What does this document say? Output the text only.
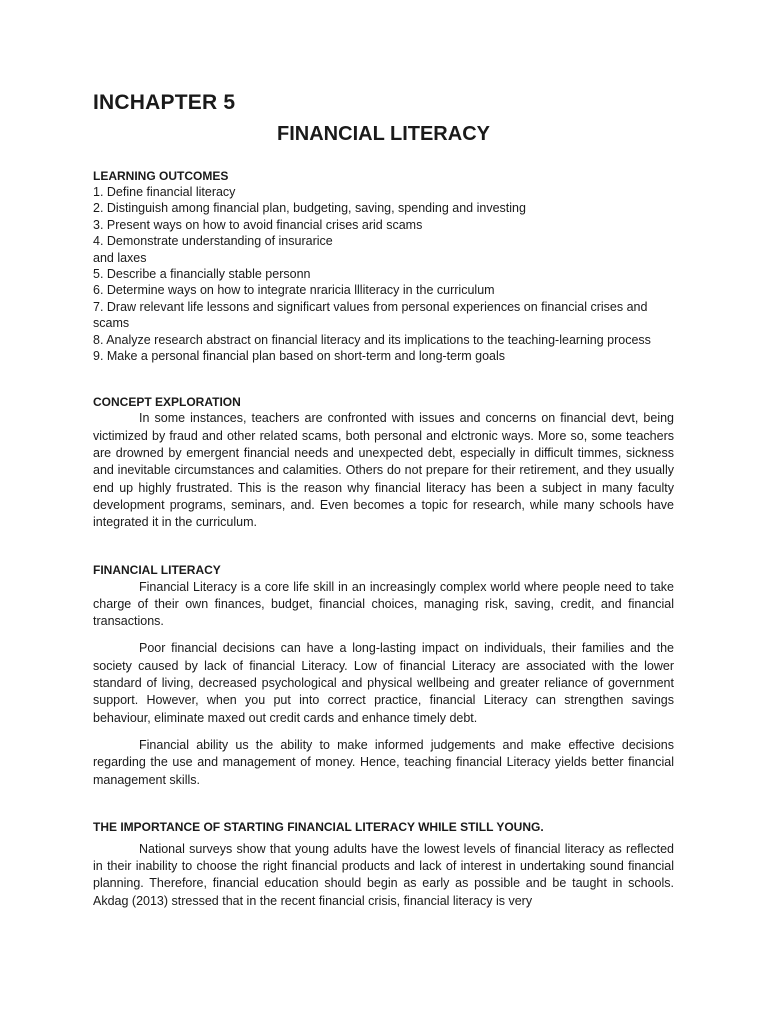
INCHAPTER 5
FINANCIAL LITERACY

LEARNING OUTCOMES

1. Define financial literacy

2. Distinguish among financial plan, budgeting, saving, spending and investing

3. Present ways on how to avoid financial crises arid scams

4. Demonstrate understanding of insurarice

and laxes

5. Describe a financially stable personn

6. Determine ways on how to integrate nraricia llliteracy in the curriculum

7. Draw relevant life lessons and significart values from personal experiences on financial crises and scams

8. Analyze research abstract on financial literacy and its implications to the teaching-learning process

9. Make a personal financial plan based on short-term and long-term goals

CONCEPT EXPLORATION

In some instances, teachers are confronted with issues and concerns on financial devt, being victimized by fraud and other related scams, both personal and elctronic ways. More so, some teachers are drowned by emergent financial needs and unexpected debt, especially in difficult timmes, sickness and inevitable circumstances and calamities. Others do not prepare for their retirement, and they usually end up highly frustrated. This is the reason why financial literacy has been a subject in many faculty development programs, seminars, and. Even becomes a topic for research, while many schools have integrated it in the curriculum.

FINANCIAL LITERACY

Financial Literacy is a core life skill in an increasingly complex world where people need to take charge of their own finances, budget, financial choices, managing risk, saving, credit, and financial transactions.

Poor financial decisions can have a long-lasting impact on individuals, their families and the society caused by lack of financial Literacy. Low of financial Literacy are associated with the lower standard of living, decreased psychological and physical wellbeing and greater reliance of government support. However, when you put into correct practice, financial Literacy can strengthen savings behaviour, eliminate maxed out credit cards and enhance timely debt.

Financial ability us the ability to make informed judgements and make effective decisions regarding the use and management of money. Hence, teaching financial Literacy yields better financial management skills.

THE IMPORTANCE OF STARTING FINANCIAL LITERACY WHILE STILL YOUNG.

National surveys show that young adults have the lowest levels of financial literacy as reflected in their inability to choose the right financial products and lack of interest in undertaking sound financial planning. Therefore, financial education should begin as early as possible and be taught in schools. Akdag (2013) stressed that in the recent financial crisis, financial literacy is very
